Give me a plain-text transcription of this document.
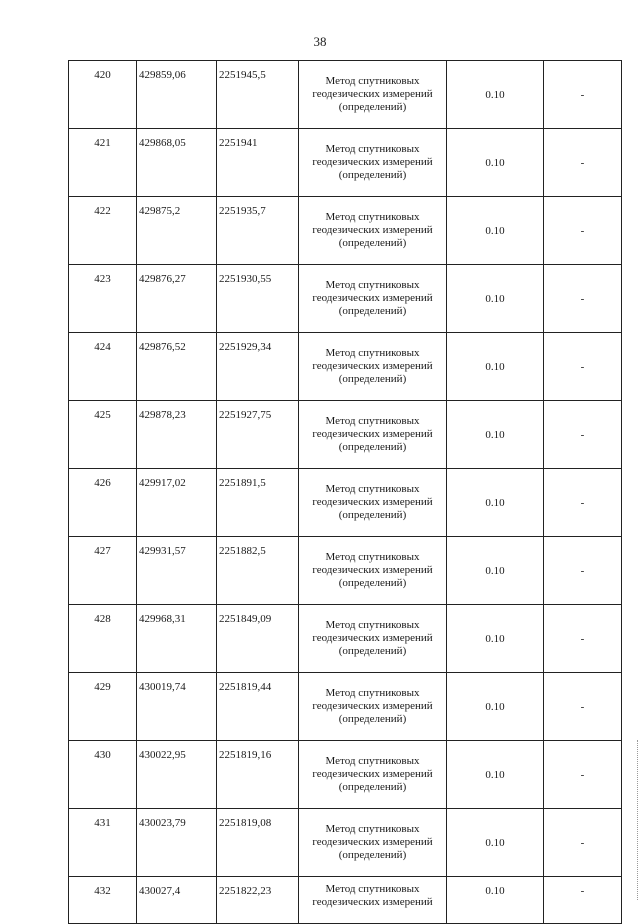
38
420	429859,06	2251945,5	Метод спутниковых
геодезических измерений
(определений)	0.10	-
421	429868,05	2251941	Метод спутниковых
геодезических измерений
(определений)	0.10	-
422	429875,2	2251935,7	Метод спутниковых
геодезических измерений
(определений)	0.10	-
423	429876,27	2251930,55	Метод спутниковых
геодезических измерений
(определений)	0.10	-
424	429876,52	2251929,34	Метод спутниковых
геодезических измерений
(определений)	0.10	-
425	429878,23	2251927,75	Метод спутниковых
геодезических измерений
(определений)	0.10	-
426	429917,02	2251891,5	Метод спутниковых
геодезических измерений
(определений)	0.10	-
427	429931,57	2251882,5	Метод спутниковых
геодезических измерений
(определений)	0.10	-
428	429968,31	2251849,09	Метод спутниковых
геодезических измерений
(определений)	0.10	-
429	430019,74	2251819,44	Метод спутниковых
геодезических измерений
(определений)	0.10	-
430	430022,95	2251819,16	Метод спутниковых
геодезических измерений
(определений)	0.10	-
431	430023,79	2251819,08	Метод спутниковых
геодезических измерений
(определений)	0.10	-
432	430027,4	2251822,23	Метод спутниковых
геодезических измерений	0.10	-
